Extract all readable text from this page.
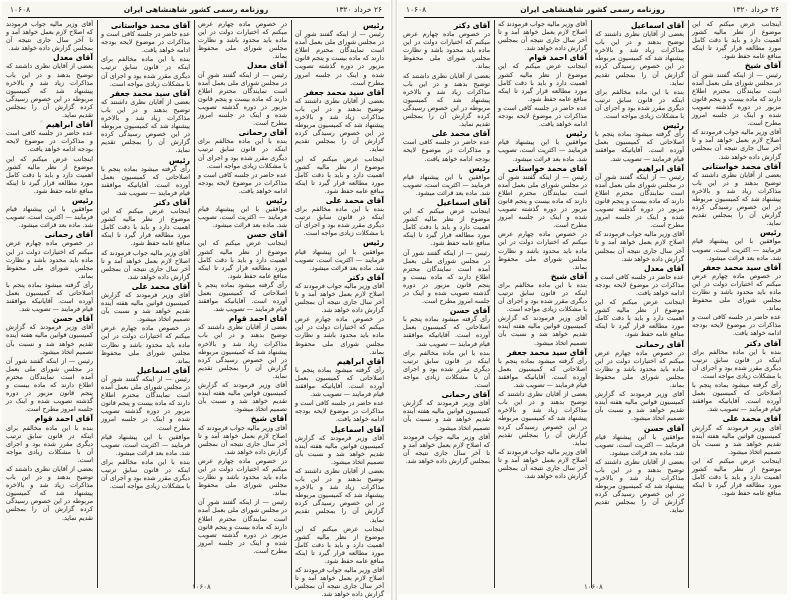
۲۶ خرداد ۱۳۲۰
روزنامه رسمی کشور شاهنشاهی ایران
۱۰۶۰۸
رئیس
رئیس — از اینکه گفتند شور آن در مجلس شورای ملی بعمل آمده است نمایندگان محترم اطلاع دارند که ماده بیست و پنجم قانون مزبور در دوره گذشته تصویب شده و اینک در جلسه امروز مطرح است.
آقای سید محمد جعفر
بعضی از آقایان نظری داشتند که توضیح بدهند و در این باب مذاکرات زیاد شد و بالاخره پیشنهاد شد که کمیسیون مربوطه در این خصوص رسیدگی کرده گزارش آن را بمجلس تقدیم نماید.
اینجانب عرض میکنم که این موضوع از نظر مالیه کشور اهمیت دارد و باید با دقت کامل مورد مطالعه قرار گیرد تا اینکه منافع عامه حفظ شود.
آقای محمد علی
بنده با این ماده مخالفم برای اینکه در قانون سابق ترتیب دیگری مقرر شده بود و اجرای آن با مشکلات زیادی مواجه است.
رئیس
موافقین با این پیشنهاد قیام فرمایند — اکثریت است، تصویب شد. ماده بعد قرائت میشود.
آقای دکتر
آقای وزیر مالیه جواب فرمودند که اصلاح لازم بعمل خواهد آمد و تا آخر سال جاری نتیجه آن بمجلس گزارش داده خواهد شد.
در خصوص ماده چهارم عرض میکنم که اختیارات دولت در این ماده باید محدود باشد و نظارت مجلس شورای ملی محفوظ بماند.
آقای ابراهیم
رأی گرفته میشود بماده پنجم با اصلاحاتی که کمیسیون بعمل آورده است. آقایانیکه موافقند قیام فرمایند — تصویب شد.
عده حاضر در جلسه کافی است و مذاکرات در موضوع لایحه بودجه ادامه خواهد یافت.
آقای اسماعیل
آقای وزیر فرمودند که گزارش کمیسیون قوانین مالیه هفته آینده تقدیم خواهد شد و نسبت بآن تصمیم اتخاذ میشود.
بعضی از آقایان نظری داشتند که توضیح بدهند و در این باب مذاکرات زیاد شد و بالاخره پیشنهاد شد که کمیسیون مربوطه در این خصوص رسیدگی کرده گزارش آن را بمجلس تقدیم نماید.
اینجانب عرض میکنم که این موضوع از نظر مالیه کشور اهمیت دارد و باید با دقت کامل مورد مطالعه قرار گیرد تا اینکه منافع عامه حفظ شود.
آقای وزیر مالیه جواب فرمودند که اصلاح لازم بعمل خواهد آمد و تا آخر سال جاری نتیجه آن بمجلس گزارش داده خواهد شد.
در خصوص ماده چهارم عرض میکنم که اختیارات دولت در این ماده باید محدود باشد و نظارت مجلس شورای ملی محفوظ بماند.
آقای معدل
رئیس — از اینکه گفتند شور آن در مجلس شورای ملی بعمل آمده است نمایندگان محترم اطلاع دارند که ماده بیست و پنجم قانون مزبور در دوره گذشته تصویب شده و اینک در جلسه امروز مطرح است.
آقای رحمانی
بنده با این ماده مخالفم برای اینکه در قانون سابق ترتیب دیگری مقرر شده بود و اجرای آن با مشکلات زیادی مواجه است.
عده حاضر در جلسه کافی است و مذاکرات در موضوع لایحه بودجه ادامه خواهد یافت.
رئیس
موافقین با این پیشنهاد قیام فرمایند — اکثریت است، تصویب شد. ماده بعد قرائت میشود.
آقای حسن
اینجانب عرض میکنم که این موضوع از نظر مالیه کشور اهمیت دارد و باید با دقت کامل مورد مطالعه قرار گیرد تا اینکه منافع عامه حفظ شود.
رأی گرفته میشود بماده پنجم با اصلاحاتی که کمیسیون بعمل آورده است. آقایانیکه موافقند قیام فرمایند — تصویب شد.
آقای احمد قوام
بعضی از آقایان نظری داشتند که توضیح بدهند و در این باب مذاکرات زیاد شد و بالاخره پیشنهاد شد که کمیسیون مربوطه در این خصوص رسیدگی کرده گزارش آن را بمجلس تقدیم نماید.
آقای وزیر فرمودند که گزارش کمیسیون قوانین مالیه هفته آینده تقدیم خواهد شد و نسبت بآن تصمیم اتخاذ میشود.
آقای شیخ
آقای وزیر مالیه جواب فرمودند که اصلاح لازم بعمل خواهد آمد و تا آخر سال جاری نتیجه آن بمجلس گزارش داده خواهد شد.
در خصوص ماده چهارم عرض میکنم که اختیارات دولت در این ماده باید محدود باشد و نظارت مجلس شورای ملی محفوظ بماند.
رئیس — از اینکه گفتند شور آن در مجلس شورای ملی بعمل آمده است نمایندگان محترم اطلاع دارند که ماده بیست و پنجم قانون مزبور در دوره گذشته تصویب شده و اینک در جلسه امروز مطرح است.
آقای محمد خواستانی
عده حاضر در جلسه کافی است و مذاکرات در موضوع لایحه بودجه ادامه خواهد یافت.
بنده با این ماده مخالفم برای اینکه در قانون سابق ترتیب دیگری مقرر شده بود و اجرای آن با مشکلات زیادی مواجه است.
آقای سید محمد جعفر
بعضی از آقایان نظری داشتند که توضیح بدهند و در این باب مذاکرات زیاد شد و بالاخره پیشنهاد شد که کمیسیون مربوطه در این خصوص رسیدگی کرده گزارش آن را بمجلس تقدیم نماید.
رئیس
رأی گرفته میشود بماده پنجم با اصلاحاتی که کمیسیون بعمل آورده است. آقایانیکه موافقند قیام فرمایند — تصویب شد.
آقای دکتر
اینجانب عرض میکنم که این موضوع از نظر مالیه کشور اهمیت دارد و باید با دقت کامل مورد مطالعه قرار گیرد تا اینکه منافع عامه حفظ شود.
آقای وزیر مالیه جواب فرمودند که اصلاح لازم بعمل خواهد آمد و تا آخر سال جاری نتیجه آن بمجلس گزارش داده خواهد شد.
آقای محمد علی
آقای وزیر فرمودند که گزارش کمیسیون قوانین مالیه هفته آینده تقدیم خواهد شد و نسبت بآن تصمیم اتخاذ میشود.
در خصوص ماده چهارم عرض میکنم که اختیارات دولت در این ماده باید محدود باشد و نظارت مجلس شورای ملی محفوظ بماند.
آقای اسماعیل
رئیس — از اینکه گفتند شور آن در مجلس شورای ملی بعمل آمده است نمایندگان محترم اطلاع دارند که ماده بیست و پنجم قانون مزبور در دوره گذشته تصویب شده و اینک در جلسه امروز مطرح است.
موافقین با این پیشنهاد قیام فرمایند — اکثریت است، تصویب شد. ماده بعد قرائت میشود.
بنده با این ماده مخالفم برای اینکه در قانون سابق ترتیب دیگری مقرر شده بود و اجرای آن با مشکلات زیادی مواجه است.
آقای وزیر مالیه جواب فرمودند که اصلاح لازم بعمل خواهد آمد و تا آخر سال جاری نتیجه آن بمجلس گزارش داده خواهد شد.
آقای معدل
بعضی از آقایان نظری داشتند که توضیح بدهند و در این باب مذاکرات زیاد شد و بالاخره پیشنهاد شد که کمیسیون مربوطه در این خصوص رسیدگی کرده گزارش آن را بمجلس تقدیم نماید.
آقای ابراهیم
عده حاضر در جلسه کافی است و مذاکرات در موضوع لایحه بودجه ادامه خواهد یافت.
اینجانب عرض میکنم که این موضوع از نظر مالیه کشور اهمیت دارد و باید با دقت کامل مورد مطالعه قرار گیرد تا اینکه منافع عامه حفظ شود.
رئیس
موافقین با این پیشنهاد قیام فرمایند — اکثریت است، تصویب شد. ماده بعد قرائت میشود.
آقای رحمانی
در خصوص ماده چهارم عرض میکنم که اختیارات دولت در این ماده باید محدود باشد و نظارت مجلس شورای ملی محفوظ بماند.
رأی گرفته میشود بماده پنجم با اصلاحاتی که کمیسیون بعمل آورده است. آقایانیکه موافقند قیام فرمایند — تصویب شد.
آقای حسن
آقای وزیر فرمودند که گزارش کمیسیون قوانین مالیه هفته آینده تقدیم خواهد شد و نسبت بآن تصمیم اتخاذ میشود.
رئیس — از اینکه گفتند شور آن در مجلس شورای ملی بعمل آمده است نمایندگان محترم اطلاع دارند که ماده بیست و پنجم قانون مزبور در دوره گذشته تصویب شده و اینک در جلسه امروز مطرح است.
آقای احمد قوام
بنده با این ماده مخالفم برای اینکه در قانون سابق ترتیب دیگری مقرر شده بود و اجرای آن با مشکلات زیادی مواجه است.
بعضی از آقایان نظری داشتند که توضیح بدهند و در این باب مذاکرات زیاد شد و بالاخره پیشنهاد شد که کمیسیون مربوطه در این خصوص رسیدگی کرده گزارش آن را بمجلس تقدیم نماید.
۱۰۶۰۸
۲۶ خرداد ۱۳۲۰
روزنامه رسمی کشور شاهنشاهی ایران
۱۰۶۰۸
اینجانب عرض میکنم که این موضوع از نظر مالیه کشور اهمیت دارد و باید با دقت کامل مورد مطالعه قرار گیرد تا اینکه منافع عامه حفظ شود.
آقای شیخ
رئیس — از اینکه گفتند شور آن در مجلس شورای ملی بعمل آمده است نمایندگان محترم اطلاع دارند که ماده بیست و پنجم قانون مزبور در دوره گذشته تصویب شده و اینک در جلسه امروز مطرح است.
آقای وزیر مالیه جواب فرمودند که اصلاح لازم بعمل خواهد آمد و تا آخر سال جاری نتیجه آن بمجلس گزارش داده خواهد شد.
آقای محمد خواستانی
بعضی از آقایان نظری داشتند که توضیح بدهند و در این باب مذاکرات زیاد شد و بالاخره پیشنهاد شد که کمیسیون مربوطه در این خصوص رسیدگی کرده گزارش آن را بمجلس تقدیم نماید.
رئیس
موافقین با این پیشنهاد قیام فرمایند — اکثریت است، تصویب شد. ماده بعد قرائت میشود.
آقای سید محمد جعفر
در خصوص ماده چهارم عرض میکنم که اختیارات دولت در این ماده باید محدود باشد و نظارت مجلس شورای ملی محفوظ بماند.
عده حاضر در جلسه کافی است و مذاکرات در موضوع لایحه بودجه ادامه خواهد یافت.
آقای دکتر
بنده با این ماده مخالفم برای اینکه در قانون سابق ترتیب دیگری مقرر شده بود و اجرای آن با مشکلات زیادی مواجه است.
رأی گرفته میشود بماده پنجم با اصلاحاتی که کمیسیون بعمل آورده است. آقایانیکه موافقند قیام فرمایند — تصویب شد.
آقای محمد علی
آقای وزیر فرمودند که گزارش کمیسیون قوانین مالیه هفته آینده تقدیم خواهد شد و نسبت بآن تصمیم اتخاذ میشود.
اینجانب عرض میکنم که این موضوع از نظر مالیه کشور اهمیت دارد و باید با دقت کامل مورد مطالعه قرار گیرد تا اینکه منافع عامه حفظ شود.
آقای اسماعیل
بعضی از آقایان نظری داشتند که توضیح بدهند و در این باب مذاکرات زیاد شد و بالاخره پیشنهاد شد که کمیسیون مربوطه در این خصوص رسیدگی کرده گزارش آن را بمجلس تقدیم نماید.
بنده با این ماده مخالفم برای اینکه در قانون سابق ترتیب دیگری مقرر شده بود و اجرای آن با مشکلات زیادی مواجه است.
رئیس
رأی گرفته میشود بماده پنجم با اصلاحاتی که کمیسیون بعمل آورده است. آقایانیکه موافقند قیام فرمایند — تصویب شد.
آقای ابراهیم
رئیس — از اینکه گفتند شور آن در مجلس شورای ملی بعمل آمده است نمایندگان محترم اطلاع دارند که ماده بیست و پنجم قانون مزبور در دوره گذشته تصویب شده و اینک در جلسه امروز مطرح است.
آقای وزیر مالیه جواب فرمودند که اصلاح لازم بعمل خواهد آمد و تا آخر سال جاری نتیجه آن بمجلس گزارش داده خواهد شد.
آقای معدل
عده حاضر در جلسه کافی است و مذاکرات در موضوع لایحه بودجه ادامه خواهد یافت.
اینجانب عرض میکنم که این موضوع از نظر مالیه کشور اهمیت دارد و باید با دقت کامل مورد مطالعه قرار گیرد تا اینکه منافع عامه حفظ شود.
آقای رحمانی
در خصوص ماده چهارم عرض میکنم که اختیارات دولت در این ماده باید محدود باشد و نظارت مجلس شورای ملی محفوظ بماند.
آقای وزیر فرمودند که گزارش کمیسیون قوانین مالیه هفته آینده تقدیم خواهد شد و نسبت بآن تصمیم اتخاذ میشود.
آقای حسن
موافقین با این پیشنهاد قیام فرمایند — اکثریت است، تصویب شد. ماده بعد قرائت میشود.
بعضی از آقایان نظری داشتند که توضیح بدهند و در این باب مذاکرات زیاد شد و بالاخره پیشنهاد شد که کمیسیون مربوطه در این خصوص رسیدگی کرده گزارش آن را بمجلس تقدیم نماید.
آقای وزیر مالیه جواب فرمودند که اصلاح لازم بعمل خواهد آمد و تا آخر سال جاری نتیجه آن بمجلس گزارش داده خواهد شد.
آقای احمد قوام
اینجانب عرض میکنم که این موضوع از نظر مالیه کشور اهمیت دارد و باید با دقت کامل مورد مطالعه قرار گیرد تا اینکه منافع عامه حفظ شود.
عده حاضر در جلسه کافی است و مذاکرات در موضوع لایحه بودجه ادامه خواهد یافت.
رئیس
موافقین با این پیشنهاد قیام فرمایند — اکثریت است، تصویب شد. ماده بعد قرائت میشود.
آقای محمد خواستانی
رئیس — از اینکه گفتند شور آن در مجلس شورای ملی بعمل آمده است نمایندگان محترم اطلاع دارند که ماده بیست و پنجم قانون مزبور در دوره گذشته تصویب شده و اینک در جلسه امروز مطرح است.
در خصوص ماده چهارم عرض میکنم که اختیارات دولت در این ماده باید محدود باشد و نظارت مجلس شورای ملی محفوظ بماند.
آقای شیخ
بنده با این ماده مخالفم برای اینکه در قانون سابق ترتیب دیگری مقرر شده بود و اجرای آن با مشکلات زیادی مواجه است.
آقای وزیر فرمودند که گزارش کمیسیون قوانین مالیه هفته آینده تقدیم خواهد شد و نسبت بآن تصمیم اتخاذ میشود.
آقای سید محمد جعفر
رأی گرفته میشود بماده پنجم با اصلاحاتی که کمیسیون بعمل آورده است. آقایانیکه موافقند قیام فرمایند — تصویب شد.
بعضی از آقایان نظری داشتند که توضیح بدهند و در این باب مذاکرات زیاد شد و بالاخره پیشنهاد شد که کمیسیون مربوطه در این خصوص رسیدگی کرده گزارش آن را بمجلس تقدیم نماید.
آقای وزیر مالیه جواب فرمودند که اصلاح لازم بعمل خواهد آمد و تا آخر سال جاری نتیجه آن بمجلس گزارش داده خواهد شد.
آقای دکتر
در خصوص ماده چهارم عرض میکنم که اختیارات دولت در این ماده باید محدود باشد و نظارت مجلس شورای ملی محفوظ بماند.
بعضی از آقایان نظری داشتند که توضیح بدهند و در این باب مذاکرات زیاد شد و بالاخره پیشنهاد شد که کمیسیون مربوطه در این خصوص رسیدگی کرده گزارش آن را بمجلس تقدیم نماید.
آقای محمد علی
عده حاضر در جلسه کافی است و مذاکرات در موضوع لایحه بودجه ادامه خواهد یافت.
رئیس
موافقین با این پیشنهاد قیام فرمایند — اکثریت است، تصویب شد. ماده بعد قرائت میشود.
آقای اسماعیل
اینجانب عرض میکنم که این موضوع از نظر مالیه کشور اهمیت دارد و باید با دقت کامل مورد مطالعه قرار گیرد تا اینکه منافع عامه حفظ شود.
رئیس — از اینکه گفتند شور آن در مجلس شورای ملی بعمل آمده است نمایندگان محترم اطلاع دارند که ماده بیست و پنجم قانون مزبور در دوره گذشته تصویب شده و اینک در جلسه امروز مطرح است.
آقای حسن
رأی گرفته میشود بماده پنجم با اصلاحاتی که کمیسیون بعمل آورده است. آقایانیکه موافقند قیام فرمایند — تصویب شد.
بنده با این ماده مخالفم برای اینکه در قانون سابق ترتیب دیگری مقرر شده بود و اجرای آن با مشکلات زیادی مواجه است.
آقای رحمانی
آقای وزیر فرمودند که گزارش کمیسیون قوانین مالیه هفته آینده تقدیم خواهد شد و نسبت بآن تصمیم اتخاذ میشود.
آقای وزیر مالیه جواب فرمودند که اصلاح لازم بعمل خواهد آمد و تا آخر سال جاری نتیجه آن بمجلس گزارش داده خواهد شد.
۱۰۶۰۸
